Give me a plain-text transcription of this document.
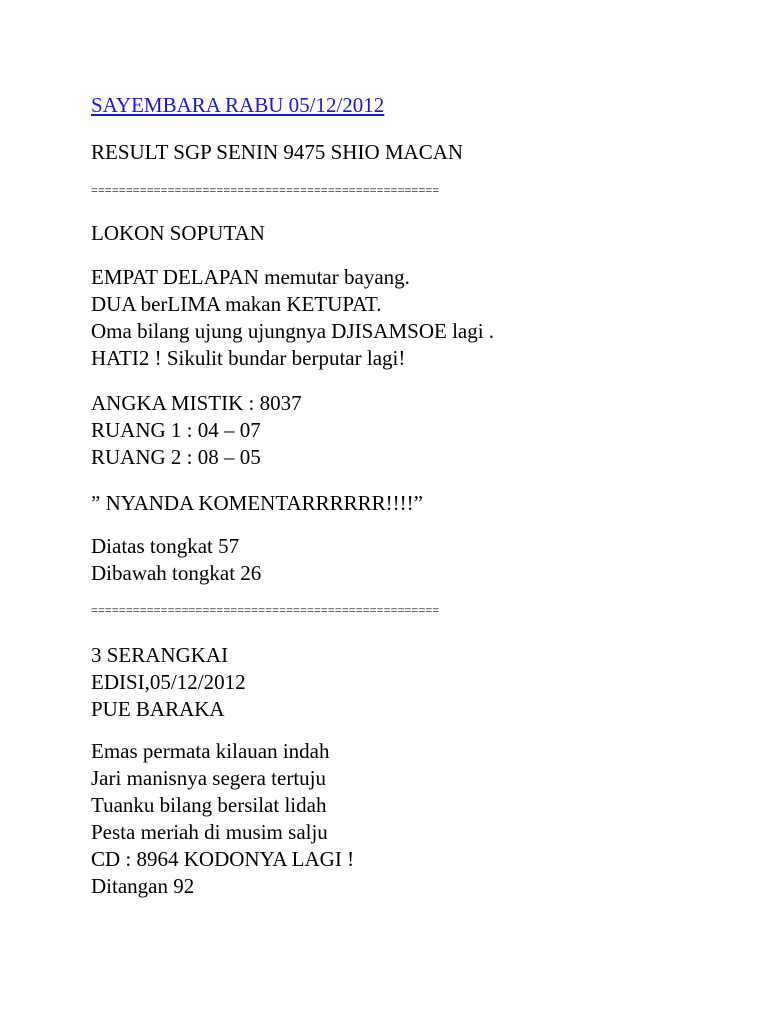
SAYEMBARA RABU 05/12/2012
RESULT SGP SENIN 9475 SHIO MACAN
==================================================
LOKON SOPUTAN
EMPAT DELAPAN memutar bayang.
DUA berLIMA makan KETUPAT.
Oma bilang ujung ujungnya DJISAMSOE lagi .
HATI2 ! Sikulit bundar berputar lagi!
ANGKA MISTIK : 8037
RUANG 1 : 04 – 07
RUANG 2 : 08 – 05
” NYANDA KOMENTARRRRRR!!!!”
Diatas tongkat 57
Dibawah tongkat 26
==================================================
3 SERANGKAI
EDISI,05/12/2012
PUE BARAKA
Emas permata kilauan indah
Jari manisnya segera tertuju
Tuanku bilang bersilat lidah
Pesta meriah di musim salju
CD : 8964 KODONYA LAGI !
Ditangan 92
